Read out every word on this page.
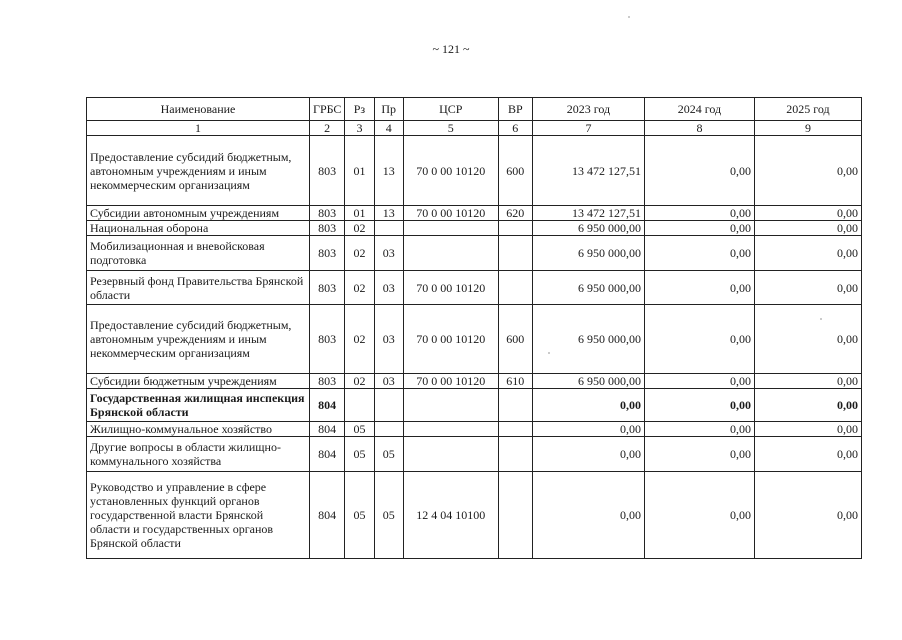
~ 121 ~
Наименование	ГРБС	Рз	Пр	ЦСР	ВР	2023 год	2024 год	2025 год
1	2	3	4	5	6	7	8	9
Предоставление субсидий бюджетным, автономным учреждениям и иным некоммерческим организациям	803	01	13	70 0 00 10120	600	13 472 127,51	0,00	0,00
Субсидии автономным учреждениям	803	01	13	70 0 00 10120	620	13 472 127,51	0,00	0,00
Национальная оборона	803	02				6 950 000,00	0,00	0,00
Мобилизационная и вневойсковая подготовка	803	02	03			6 950 000,00	0,00	0,00
Резервный фонд Правительства Брянской области	803	02	03	70 0 00 10120		6 950 000,00	0,00	0,00
Предоставление субсидий бюджетным, автономным учреждениям и иным некоммерческим организациям	803	02	03	70 0 00 10120	600	6 950 000,00	0,00	0,00
Субсидии бюджетным учреждениям	803	02	03	70 0 00 10120	610	6 950 000,00	0,00	0,00
Государственная жилищная инспекция Брянской области	804					0,00	0,00	0,00
Жилищно-коммунальное хозяйство	804	05				0,00	0,00	0,00
Другие вопросы в области жилищно-коммунального хозяйства	804	05	05			0,00	0,00	0,00
Руководство и управление в сфере установленных функций органов государственной власти Брянской области и государственных органов Брянской области	804	05	05	12 4 04 10100		0,00	0,00	0,00
